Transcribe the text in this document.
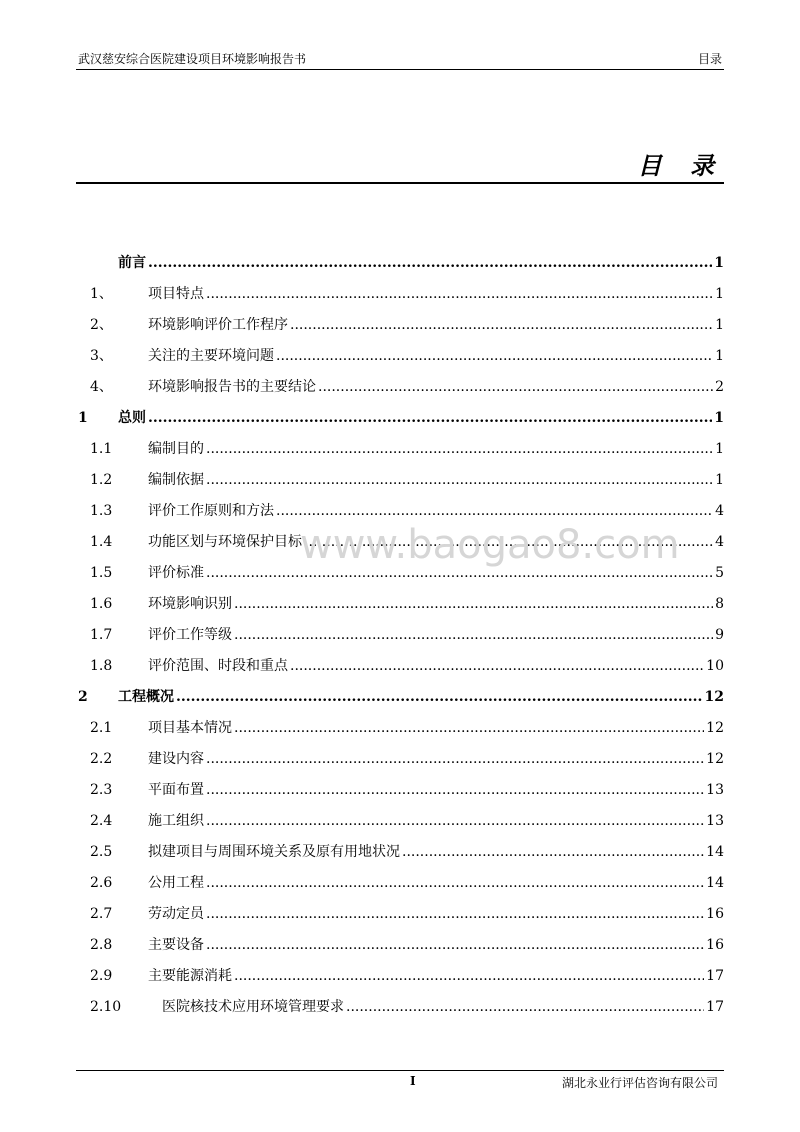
武汉慈安综合医院建设项目环境影响报告书	目录
目 录
前言 .....	1
1、	项目特点 .....	1
2、	环境影响评价工作程序 .....	1
3、	关注的主要环境问题 .....	1
4、	环境影响报告书的主要结论 .....	2
1	总则 .....	1
1.1	编制目的 .....	1
1.2	编制依据 .....	1
1.3	评价工作原则和方法 .....	4
1.4	功能区划与环境保护目标 .....	4
1.5	评价标准 .....	5
1.6	环境影响识别 .....	8
1.7	评价工作等级 .....	9
1.8	评价范围、时段和重点 .....	10
2	工程概况 .....	12
2.1	项目基本情况 .....	12
2.2	建设内容 .....	12
2.3	平面布置 .....	13
2.4	施工组织 .....	13
2.5	拟建项目与周围环境关系及原有用地状况 .....	14
2.6	公用工程 .....	14
2.7	劳动定员 .....	16
2.8	主要设备 .....	16
2.9	主要能源消耗 .....	17
2.10	医院核技术应用环境管理要求 .....	17
www.baogao8.com
I	湖北永业行评估咨询有限公司
